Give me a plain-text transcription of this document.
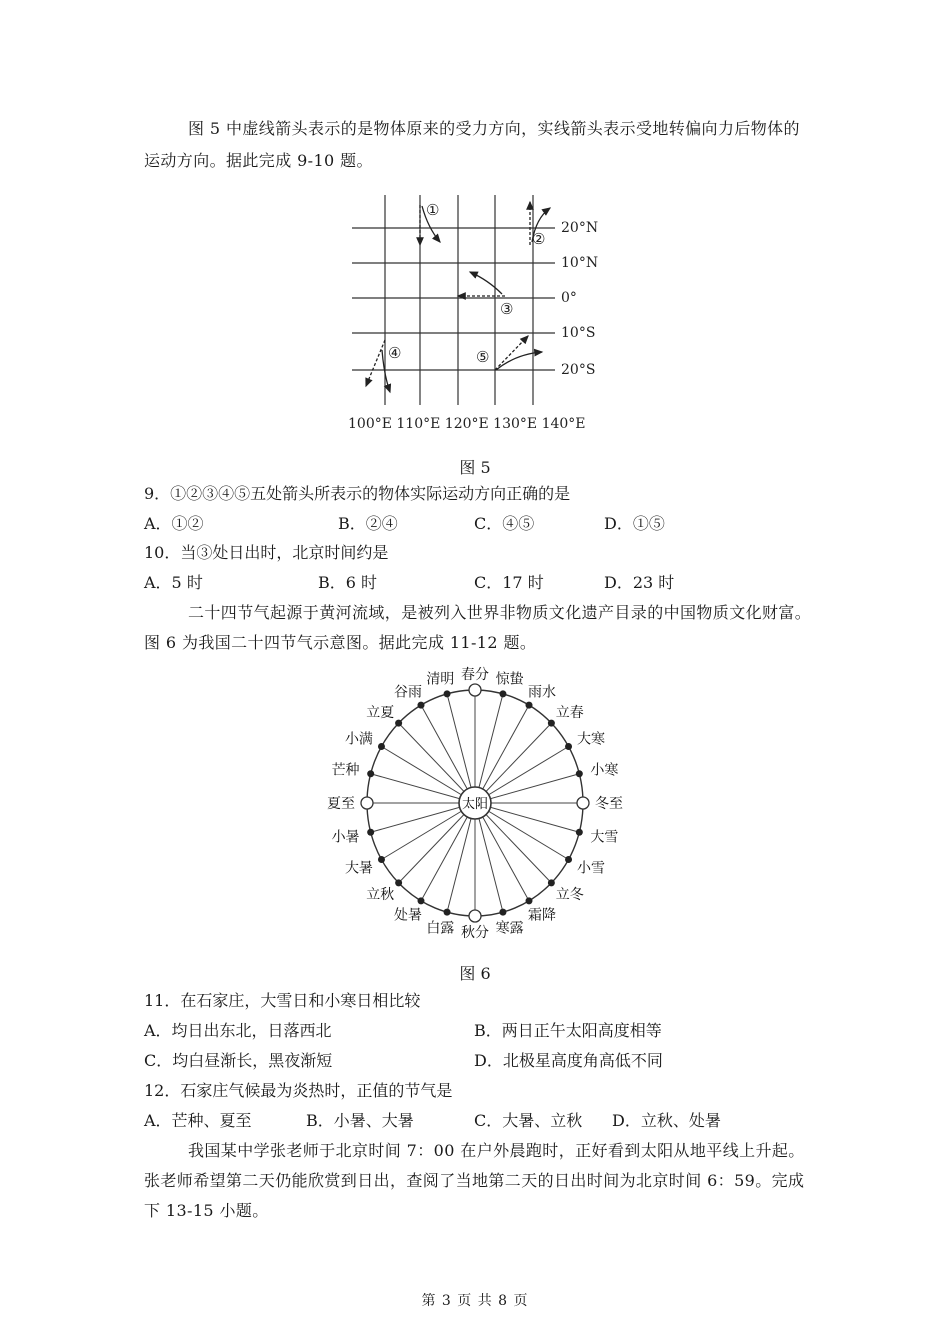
图 5 中虚线箭头表示的是物体原来的受力方向，实线箭头表示受地转偏向力后物体的
运动方向。据此完成 9-10 题。
20°N
10°N
0°
10°S
20°S
100°E 110°E 120°E 130°E 140°E
①
②
③
④	⑤
图 5
9．①②③④⑤五处箭头所表示的物体实际运动方向正确的是
A．①②	B．②④	C．④⑤	D．①⑤
10．当③处日出时，北京时间约是
A．5 时	B．6 时	C．17 时	D．23 时
二十四节气起源于黄河流域，是被列入世界非物质文化遗产目录的中国物质文化财富。
图 6 为我国二十四节气示意图。据此完成 11-12 题。
冬至
大雪
小雪
立冬
霜降
寒露
秋分
白露
处暑
立秋
大暑
小暑
夏至
芒种
小满
立夏
谷雨
清明 春分 惊蛰
雨水
立春
大寒
小寒
太阳
图 6
11．在石家庄，大雪日和小寒日相比较
A．均日出东北，日落西北	B．两日正午太阳高度相等
C．均白昼渐长，黑夜渐短	D．北极星高度角高低不同
12．石家庄气候最为炎热时，正值的节气是
A．芒种、夏至	B．小暑、大暑	C．大暑、立秋 D．立秋、处暑
我国某中学张老师于北京时间 7：00 在户外晨跑时，正好看到太阳从地平线上升起。
张老师希望第二天仍能欣赏到日出，查阅了当地第二天的日出时间为北京时间 6：59。完成
下 13-15 小题。
第 3 页 共 8 页
